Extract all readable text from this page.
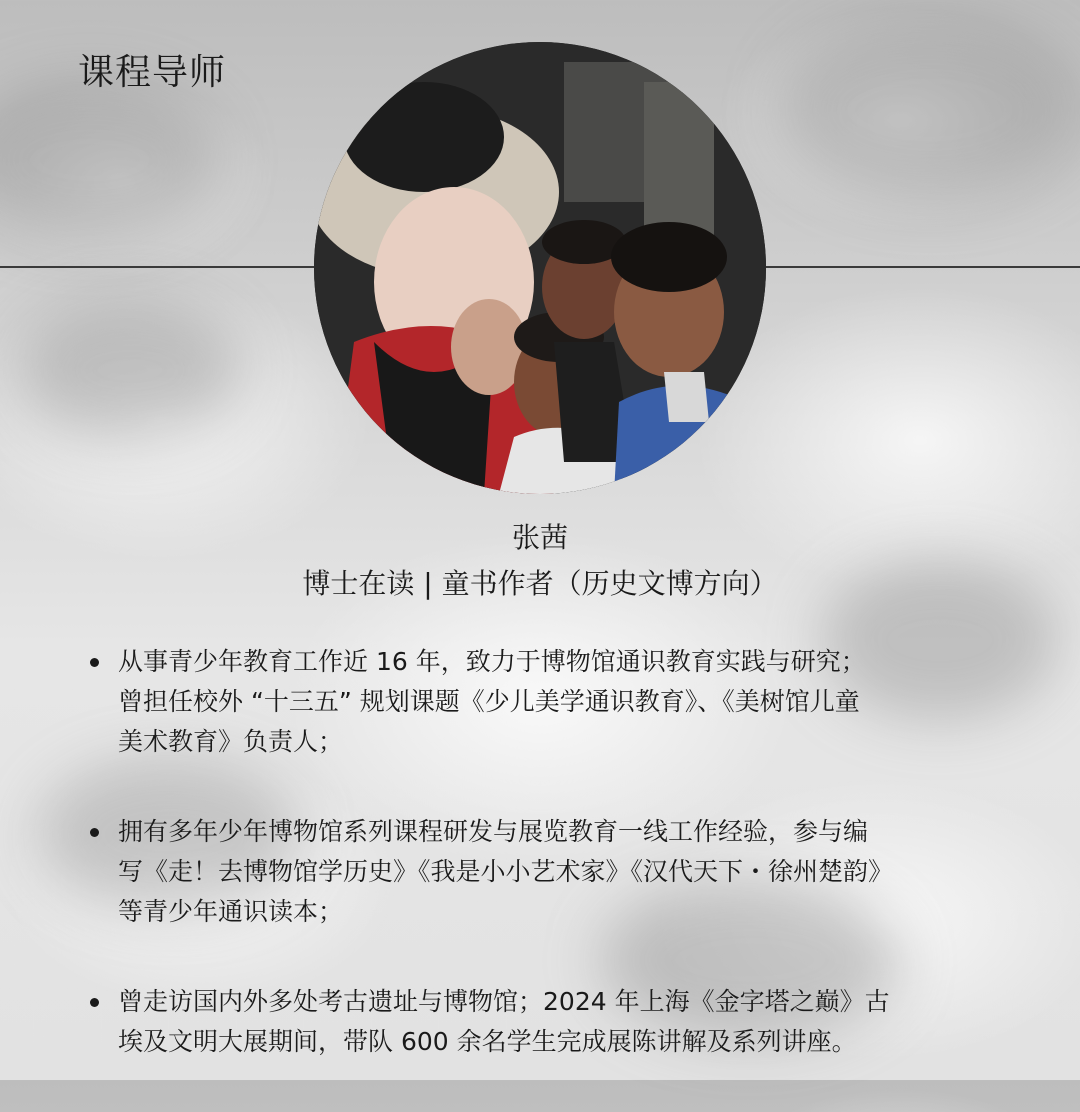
课程导师
张茜
博士在读 | 童书作者（历史文博方向）
从事青少年教育工作近 16 年，致力于博物馆通识教育实践与研究；
曾担任校外 “十三五” 规划课题《少儿美学通识教育》、《美树馆儿童
美术教育》负责人；
拥有多年少年博物馆系列课程研发与展览教育一线工作经验，参与编
写《走！去博物馆学历史》《我是小小艺术家》《汉代天下・徐州楚韵》
等青少年通识读本；
曾走访国内外多处考古遗址与博物馆；2024 年上海《金字塔之巅》古
埃及文明大展期间，带队 600 余名学生完成展陈讲解及系列讲座。
